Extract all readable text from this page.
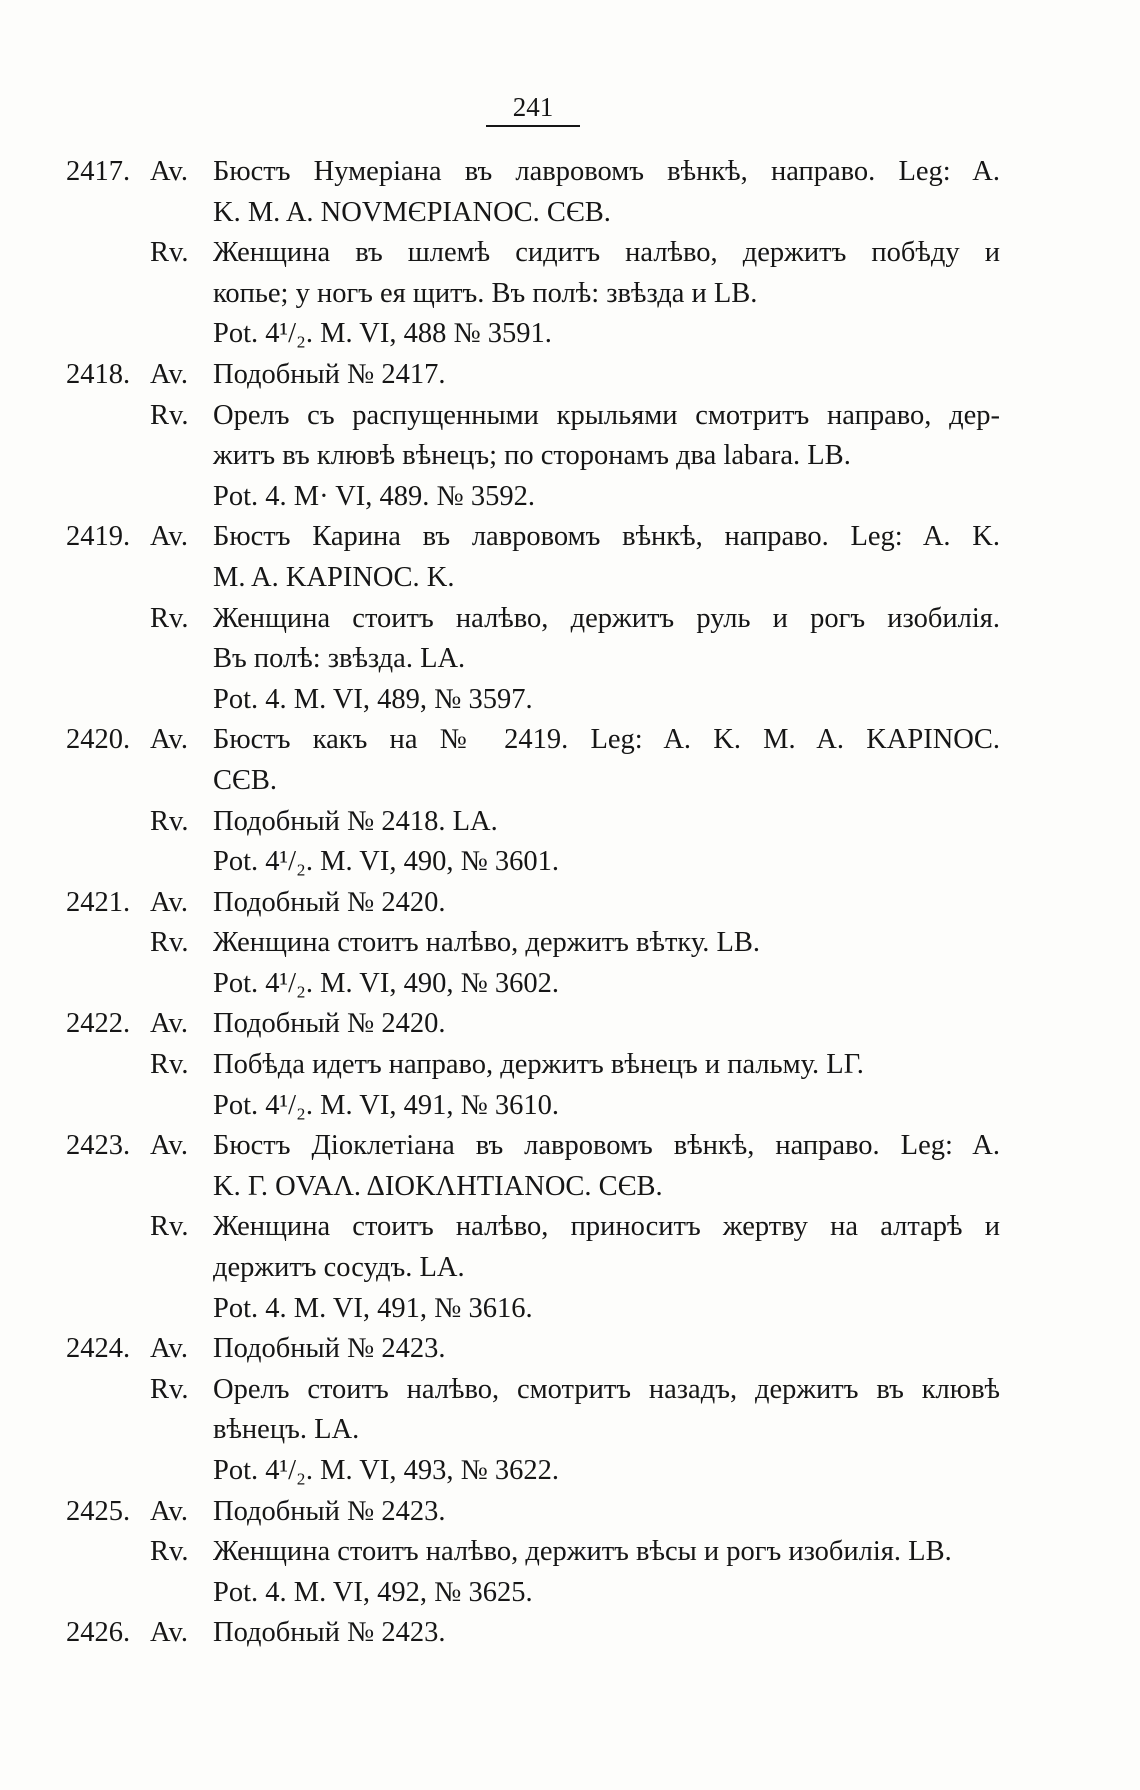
241
2417. Av. Бюстъ Нумеріана въ лавровомъ вѣнкѣ, направо. Leg: A.
K. M. A. NOVMЄPIANOC. CЄB.
Rv. Женщина въ шлемѣ сидитъ налѣво, держитъ побѣду и
копье; у ногъ ея щитъ. Въ полѣ: звѣзда и LB.
Pot. 4¹/₂. M. VI, 488 № 3591.
2418. Av. Подобный № 2417.
Rv. Орелъ съ распущенными крыльями смотритъ направо, дер-
житъ въ клювѣ вѣнецъ; по сторонамъ два labara. LB.
Pot. 4. M· VI, 489. № 3592.
2419. Av. Бюстъ Карина въ лавровомъ вѣнкѣ, направо. Leg: A. K.
M. A. KAPINOC. K.
Rv. Женщина стоитъ налѣво, держитъ руль и рогъ изобилія.
Въ полѣ: звѣзда. LA.
Pot. 4. M. VI, 489, № 3597.
2420. Av. Бюстъ какъ на № 2419. Leg: A. K. M. A. KAPINOC.
CЄB.
Rv. Подобный № 2418. LA.
Pot. 4¹/₂. M. VI, 490, № 3601.
2421. Av. Подобный № 2420.
Rv. Женщина стоитъ налѣво, держитъ вѣтку. LB.
Pot. 4¹/₂. M. VI, 490, № 3602.
2422. Av. Подобный № 2420.
Rv. Побѣда идетъ направо, держитъ вѣнецъ и пальму. LΓ.
Pot. 4¹/₂. M. VI, 491, № 3610.
2423. Av. Бюстъ Діоклетіана въ лавровомъ вѣнкѣ, направо. Leg: A.
K. Γ. OVAΛ. ΔIOKΛHTIANOC. CЄB.
Rv. Женщина стоитъ налѣво, приноситъ жертву на алтарѣ и
держитъ сосудъ. LA.
Pot. 4. M. VI, 491, № 3616.
2424. Av. Подобный № 2423.
Rv. Орелъ стоитъ налѣво, смотритъ назадъ, держитъ въ клювѣ
вѣнецъ. LA.
Pot. 4¹/₂. M. VI, 493, № 3622.
2425. Av. Подобный № 2423.
Rv. Женщина стоитъ налѣво, держитъ вѣсы и рогъ изобилія. LB.
Pot. 4. M. VI, 492, № 3625.
2426. Av. Подобный № 2423.
